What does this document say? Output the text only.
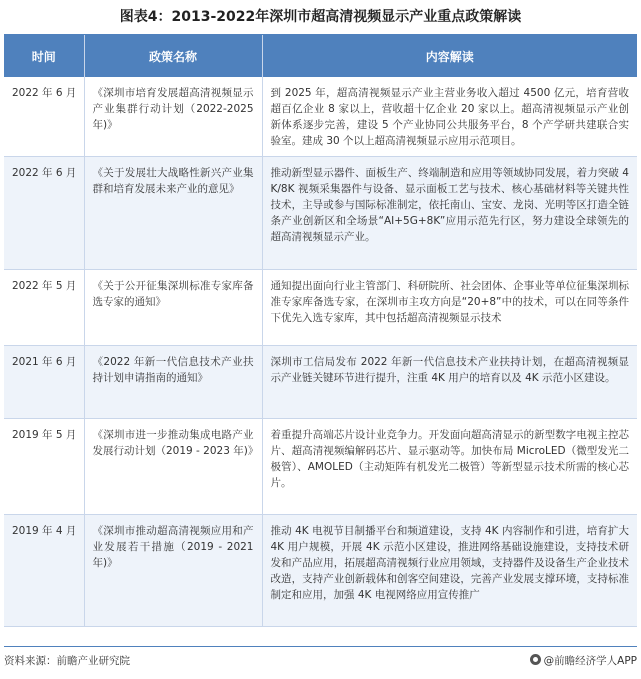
图表4：2013-2022年深圳市超高清视频显示产业重点政策解读
时间	政策名称	内容解读
2022 年 6 月	《深圳市培育发展超高清视频显示产业集群行动计划（2022-2025 年)》	到 2025 年，超高清视频显示产业主营业务收入超过 4500 亿元，培育营收超百亿企业 8 家以上，营收超十亿企业 20 家以上。超高清视频显示产业创新体系逐步完善，建设 5 个产业协同公共服务平台，8 个产学研共建联合实验室。建成 30 个以上超高清视频显示应用示范项目。
2022 年 6 月	《关于发展壮大战略性新兴产业集群和培育发展未来产业的意见》	推动新型显示器件、面板生产、终端制造和应用等领域协同发展，着力突破 4K/8K 视频采集器件与设备、显示面板工艺与技术、核心基础材料等关键共性技术，主导或参与国际标准制定，依托南山、宝安、龙岗、光明等区打造全链条产业创新区和全场景“AI+5G+8K”应用示范先行区，努力建设全球领先的超高清视频显示产业。
2022 年 5 月	《关于公开征集深圳标准专家库备选专家的通知》	通知提出面向行业主管部门、科研院所、社会团体、企事业等单位征集深圳标准专家库备选专家，在深圳市主攻方向是“20+8”中的技术，可以在同等条件下优先入选专家库，其中包括超高清视频显示技术
2021 年 6 月	《2022 年新一代信息技术产业扶持计划申请指南的通知》	深圳市工信局发布 2022 年新一代信息技术产业扶持计划，在超高清视频显示产业链关键环节进行提升，注重 4K 用户的培育以及 4K 示范小区建设。
2019 年 5 月	《深圳市进一步推动集成电路产业发展行动计划（2019 - 2023 年)》	着重提升高端芯片设计业竞争力。开发面向超高清显示的新型数字电视主控芯片、超高清视频编解码芯片、显示驱动等。加快布局 MicroLED（微型发光二极管）、AMOLED（主动矩阵有机发光二极管）等新型显示技术所需的核心芯片。
2019 年 4 月	《深圳市推动超高清视频应用和产业发展若干措施（2019 - 2021 年)》	推动 4K 电视节目制播平台和频道建设，支持 4K 内容制作和引进，培育扩大 4K 用户规模，开展 4K 示范小区建设，推进网络基础设施建设，支持技术研发和产品应用，拓展超高清视频行业应用领域，支持器件及设备生产企业技术改造，支持产业创新载体和创客空间建设，完善产业发展支撑环境，支持标准制定和应用，加强 4K 电视网络应用宣传推广
资料来源：前瞻产业研究院	@前瞻经济学人APP
